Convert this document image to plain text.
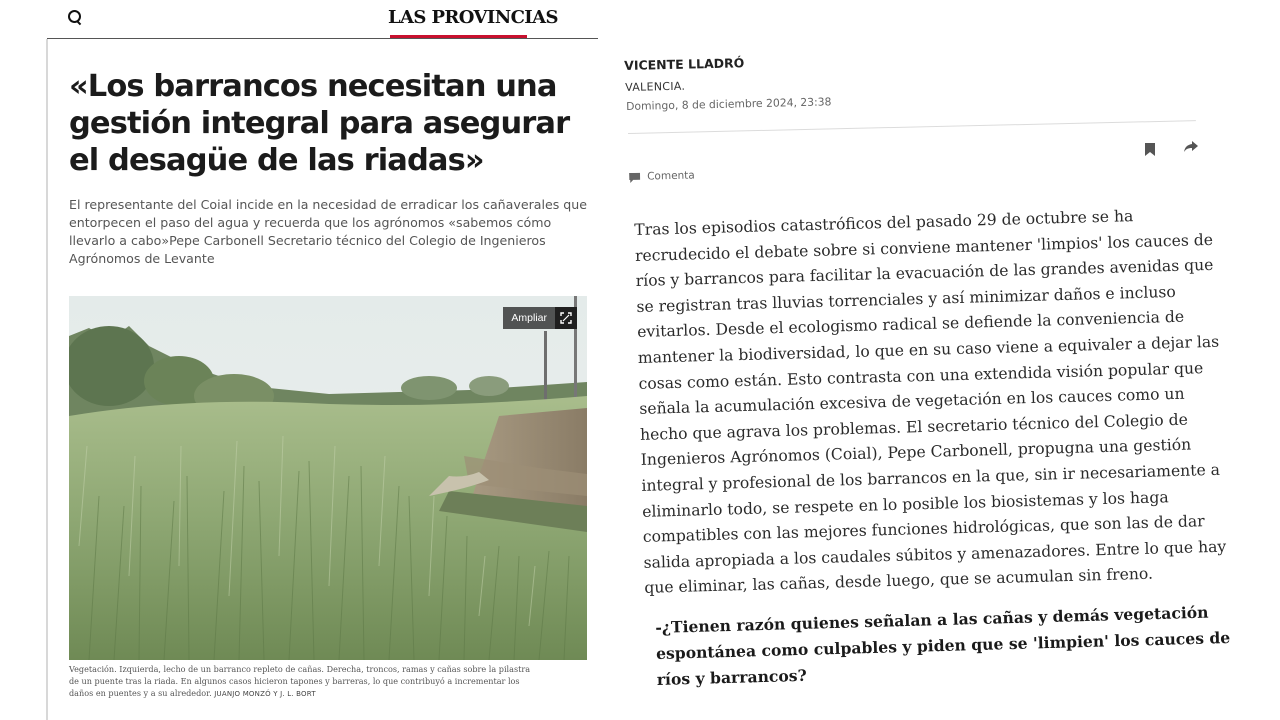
LAS PROVINCIAS
«Los barrancos necesitan una gestión integral para asegurar el desagüe de las riadas»

El representante del Coial incide en la necesidad de erradicar los cañaverales que entorpecen el paso del agua y recuerda que los agrónomos «sabemos cómo llevarlo a cabo»Pepe Carbonell Secretario técnico del Colegio de Ingenieros Agrónomos de Levante

Ampliar

Vegetación. Izquierda, lecho de un barranco repleto de cañas. Derecha, troncos, ramas y cañas sobre la pilastra de un puente tras la riada. En algunos casos hicieron tapones y barreras, lo que contribuyó a incrementar los daños en puentes y a su alrededor. JUANJO MONZÓ Y J. L. BORT

VICENTE LLADRÓ
VALENCIA.
Domingo, 8 de diciembre 2024, 23:38
Comenta

Tras los episodios catastróficos del pasado 29 de octubre se ha recrudecido el debate sobre si conviene mantener 'limpios' los cauces de ríos y barrancos para facilitar la evacuación de las grandes avenidas que se registran tras lluvias torrenciales y así minimizar daños e incluso evitarlos. Desde el ecologismo radical se defiende la conveniencia de mantener la biodiversidad, lo que en su caso viene a equivaler a dejar las cosas como están. Esto contrasta con una extendida visión popular que señala la acumulación excesiva de vegetación en los cauces como un hecho que agrava los problemas. El secretario técnico del Colegio de Ingenieros Agrónomos (Coial), Pepe Carbonell, propugna una gestión integral y profesional de los barrancos en la que, sin ir necesariamente a eliminarlo todo, se respete en lo posible los biosistemas y los haga compatibles con las mejores funciones hidrológicas, que son las de dar salida apropiada a los caudales súbitos y amenazadores. Entre lo que hay que eliminar, las cañas, desde luego, que se acumulan sin freno.

-¿Tienen razón quienes señalan a las cañas y demás vegetación espontánea como culpables y piden que se 'limpien' los cauces de ríos y barrancos?
